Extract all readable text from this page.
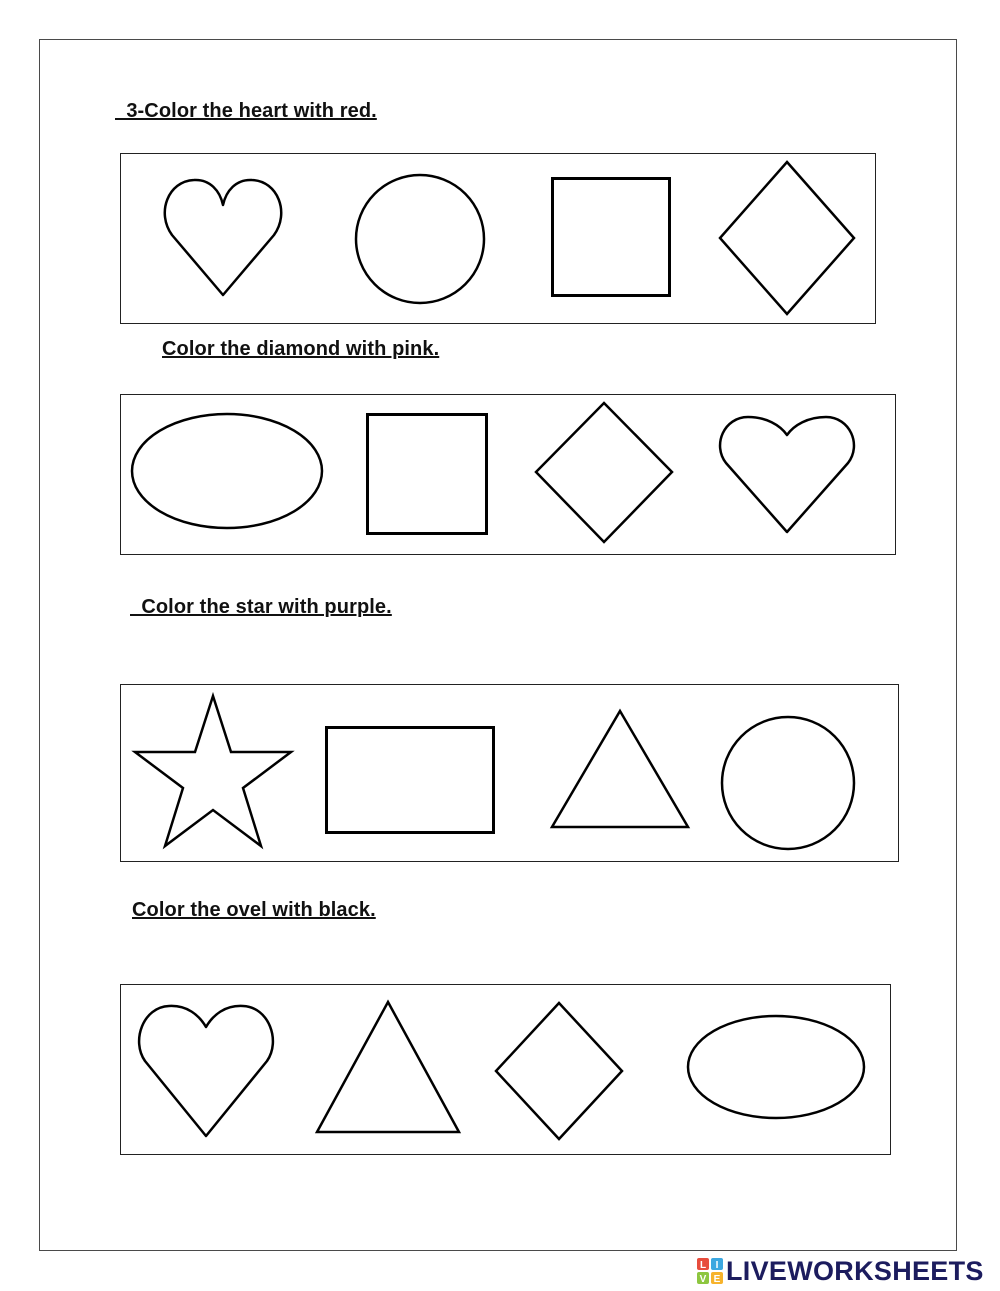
3-Color the heart with red.
Color the diamond with pink.
Color the star with purple.
Color the ovel with black.
L I
V E LIVEWORKSHEETS
